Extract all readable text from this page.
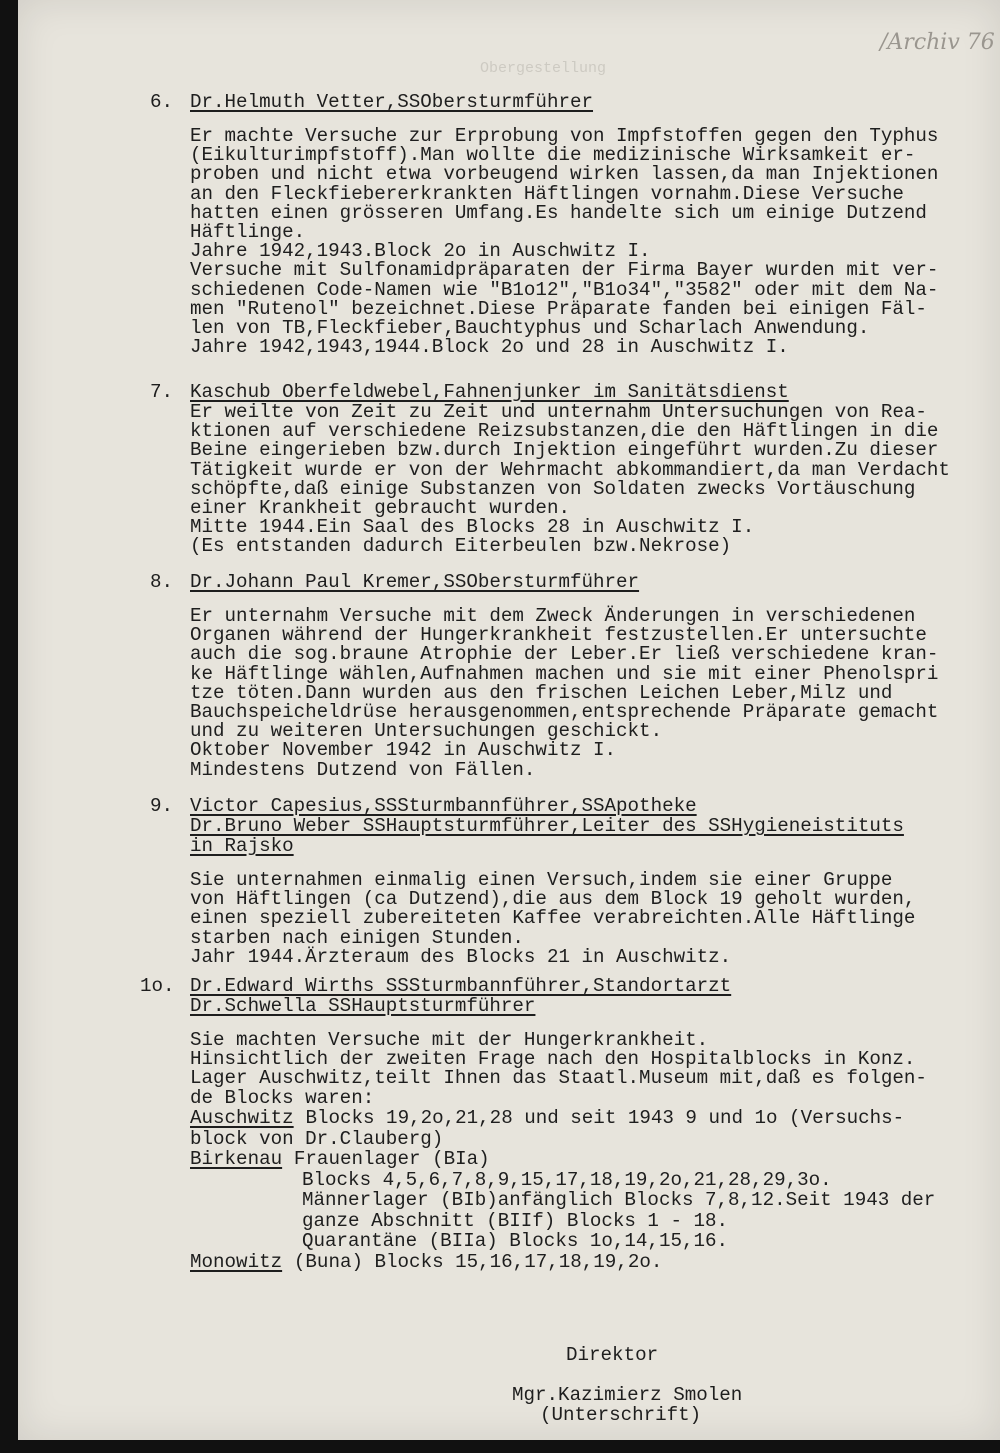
/Archiv 76
Obergestellung
6. Dr.Helmuth Vetter,SSObersturmführer
Er machte Versuche zur Erprobung von Impfstoffen gegen den Typhus
(Eikulturimpfstoff).Man wollte die medizinische Wirksamkeit er-
proben und nicht etwa vorbeugend wirken lassen,da man Injektionen
an den Fleckfiebererkrankten Häftlingen vornahm.Diese Versuche
hatten einen grösseren Umfang.Es handelte sich um einige Dutzend
Häftlinge.
Jahre 1942,1943.Block 2o in Auschwitz I.
Versuche mit Sulfonamidpräparaten der Firma Bayer wurden mit ver-
schiedenen Code-Namen wie "B1o12","B1o34","3582" oder mit dem Na-
men "Rutenol" bezeichnet.Diese Präparate fanden bei einigen Fäl-
len von TB,Fleckfieber,Bauchtyphus und Scharlach Anwendung.
Jahre 1942,1943,1944.Block 2o und 28 in Auschwitz I.
7. Kaschub Oberfeldwebel,Fahnenjunker im Sanitätsdienst
Er weilte von Zeit zu Zeit und unternahm Untersuchungen von Rea-
ktionen auf verschiedene Reizsubstanzen,die den Häftlingen in die
Beine eingerieben bzw.durch Injektion eingeführt wurden.Zu dieser
Tätigkeit wurde er von der Wehrmacht abkommandiert,da man Verdacht
schöpfte,daß einige Substanzen von Soldaten zwecks Vortäuschung
einer Krankheit gebraucht wurden.
Mitte 1944.Ein Saal des Blocks 28 in Auschwitz I.
(Es entstanden dadurch Eiterbeulen bzw.Nekrose)
8. Dr.Johann Paul Kremer,SSObersturmführer
Er unternahm Versuche mit dem Zweck Änderungen in verschiedenen
Organen während der Hungerkrankheit festzustellen.Er untersuchte
auch die sog.braune Atrophie der Leber.Er ließ verschiedene kran-
ke Häftlinge wählen,Aufnahmen machen und sie mit einer Phenolspri
tze töten.Dann wurden aus den frischen Leichen Leber,Milz und
Bauchspeicheldrüse herausgenommen,entsprechende Präparate gemacht
und zu weiteren Untersuchungen geschickt.
Oktober November 1942 in Auschwitz I.
Mindestens Dutzend von Fällen.
9. Victor Capesius,SSSturmbannführer,SSApotheke
Dr.Bruno Weber SSHauptsturmführer,Leiter des SSHygieneistituts
in Rajsko
Sie unternahmen einmalig einen Versuch,indem sie einer Gruppe
von Häftlingen (ca Dutzend),die aus dem Block 19 geholt wurden,
einen speziell zubereiteten Kaffee verabreichten.Alle Häftlinge
starben nach einigen Stunden.
Jahr 1944.Ärzteraum des Blocks 21 in Auschwitz.
1o. Dr.Edward Wirths SSSturmbannführer,Standortarzt
Dr.Schwella SSHauptsturmführer
Sie machten Versuche mit der Hungerkrankheit.
Hinsichtlich der zweiten Frage nach den Hospitalblocks in Konz.
Lager Auschwitz,teilt Ihnen das Staatl.Museum mit,daß es folgen-
de Blocks waren:
Auschwitz Blocks 19,2o,21,28 und seit 1943 9 und 1o (Versuchs-
block von Dr.Clauberg)
Birkenau Frauenlager (BIa)
Blocks 4,5,6,7,8,9,15,17,18,19,2o,21,28,29,3o.
Männerlager (BIb)anfänglich Blocks 7,8,12.Seit 1943 der
ganze Abschnitt (BIIf) Blocks 1 - 18.
Quarantäne (BIIa) Blocks 1o,14,15,16.
Monowitz (Buna) Blocks 15,16,17,18,19,2o.
Direktor
Mgr.Kazimierz Smolen
(Unterschrift)
